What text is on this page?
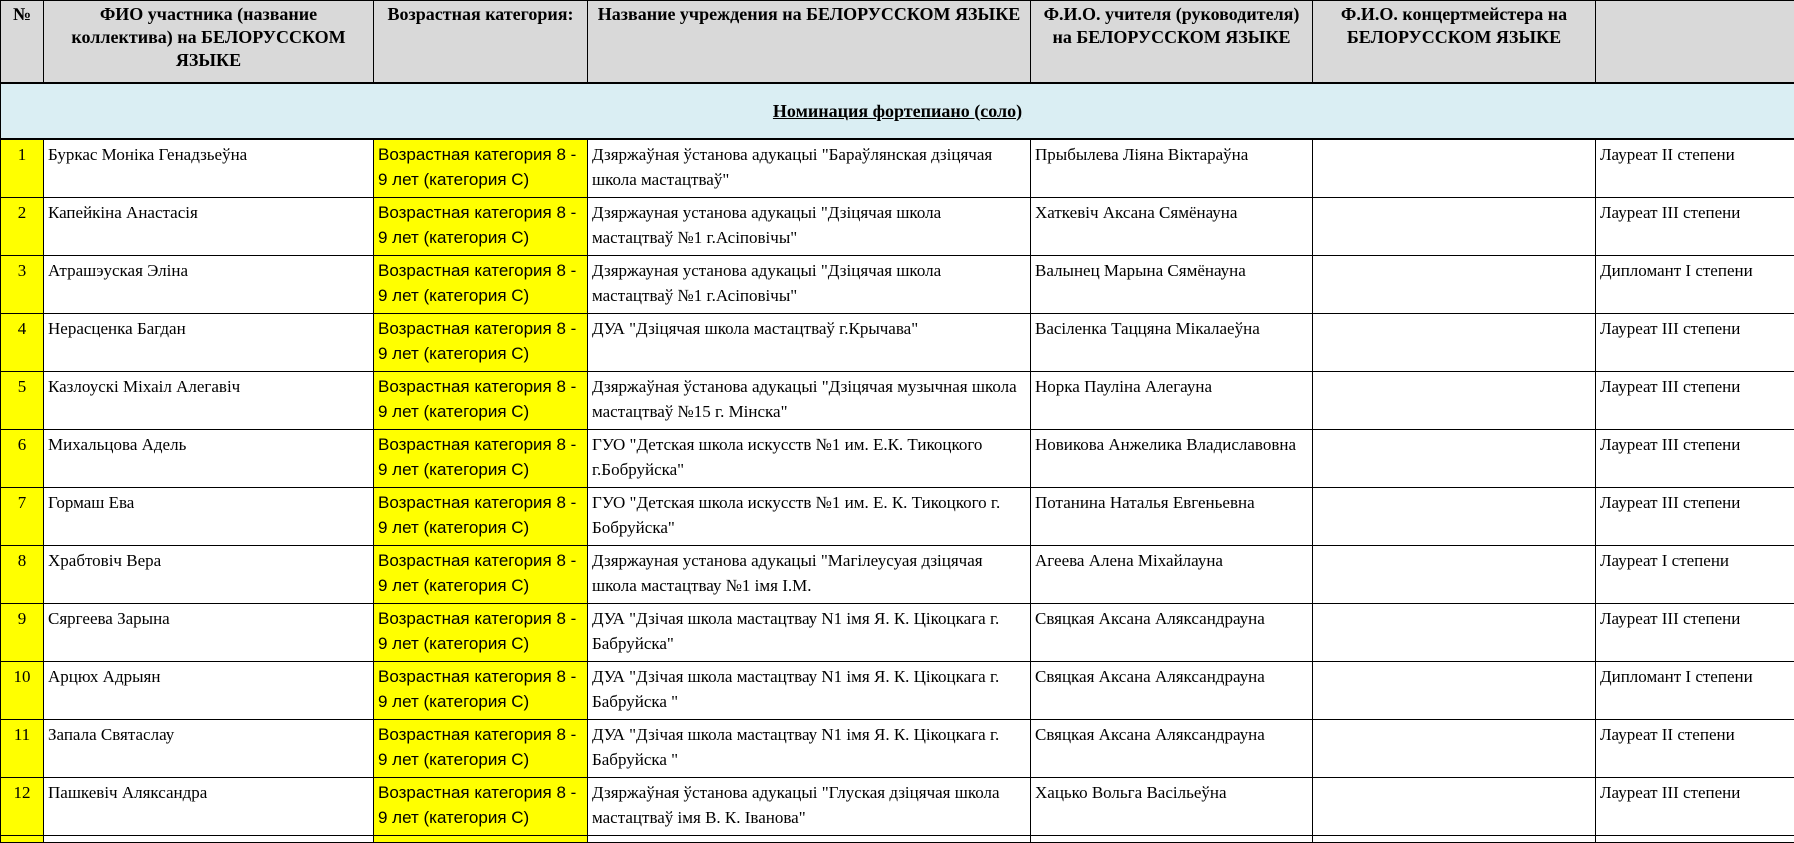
№	ФИО участника (название коллектива) на БЕЛОРУССКОМ ЯЗЫКЕ	Возрастная категория:	Название учреждения на БЕЛОРУССКОМ ЯЗЫКЕ	Ф.И.О. учителя (руководителя) на БЕЛОРУССКОМ ЯЗЫКЕ	Ф.И.О. концертмейстера на БЕЛОРУССКОМ ЯЗЫКЕ	
Номинация фортепиано (соло)						
1	Буркас Моніка Генадзьеўна	Возрастная категория 8 - 9 лет (категория С)	Дзяржаўная ўстанова адукацыі "Бараўлянская дзіцячая школа мастацтваў"	Прыбылева Ліяна Віктараўна		Лауреат II степени
2	Капейкіна Анастасія	Возрастная категория 8 - 9 лет (категория С)	Дзяржауная установа адукацыі "Дзіцячая школа мастацтваў №1 г.Асіповічы"	Хаткевіч Аксана Сямёнауна		Лауреат III степени
3	Атрашэуская Эліна	Возрастная категория 8 - 9 лет (категория С)	Дзяржауная установа адукацыі "Дзіцячая школа мастацтваў №1 г.Асіповічы"	Валынец Марына Сямёнауна		Дипломант I степени
4	Нерасценка Багдан	Возрастная категория 8 - 9 лет (категория С)	ДУА "Дзіцячая школа мастацтваў г.Крычава"	Васіленка Таццяна Мікалаеўна		Лауреат III степени
5	Казлоускі Міхаіл Алегавіч	Возрастная категория 8 - 9 лет (категория С)	Дзяржаўная ўстанова адукацыі "Дзіцячая музычная школа мастацтваў №15 г. Мінска"	Норка Пауліна Алегауна		Лауреат III степени
6	Михальцова Адель	Возрастная категория 8 - 9 лет (категория С)	ГУО "Детская школа искусств №1 им. Е.К. Тикоцкого г.Бобруйска"	Новикова Анжелика Владиславовна		Лауреат III степени
7	Гормаш Ева	Возрастная категория 8 - 9 лет (категория С)	ГУО "Детская школа искусств №1 им. Е. К. Тикоцкого г. Бобруйска"	Потанина Наталья Евгеньевна		Лауреат III степени
8	Храбтовіч Вера	Возрастная категория 8 - 9 лет (категория С)	Дзяржауная установа адукацыі "Магілеусуая дзіцячая школа мастацтвау №1 імя І.М.	Агеева Алена Міхайлауна		Лауреат I степени
9	Сяргеева Зарына	Возрастная категория 8 - 9 лет (категория С)	ДУА "Дзiчая школа мастацтвау N1 iмя Я. К. Цiкоцкага г. Бабруйска"	Свяцкая Аксана Аляксандрауна		Лауреат III степени
10	Арцюх Адрыян	Возрастная категория 8 - 9 лет (категория С)	ДУА "Дзiчая школа мастацтвау N1 iмя Я. К. Цiкоцкага г. Бабруйска "	Свяцкая Аксана Аляксандрауна		Дипломант I степени
11	Запала Святаслау	Возрастная категория 8 - 9 лет (категория С)	ДУА "Дзiчая школа мастацтвау N1 iмя Я. К. Цiкоцкага г. Бабруйска "	Свяцкая Аксана Аляксандрауна		Лауреат II степени
12	Пашкевіч Аляксандра	Возрастная категория 8 - 9 лет (категория С)	Дзяржаўная ўстанова адукацыі "Глуская дзіцячая школа мастацтваў імя В. К. Іванова"	Хацько Вольга Васільеўна		Лауреат III степени
